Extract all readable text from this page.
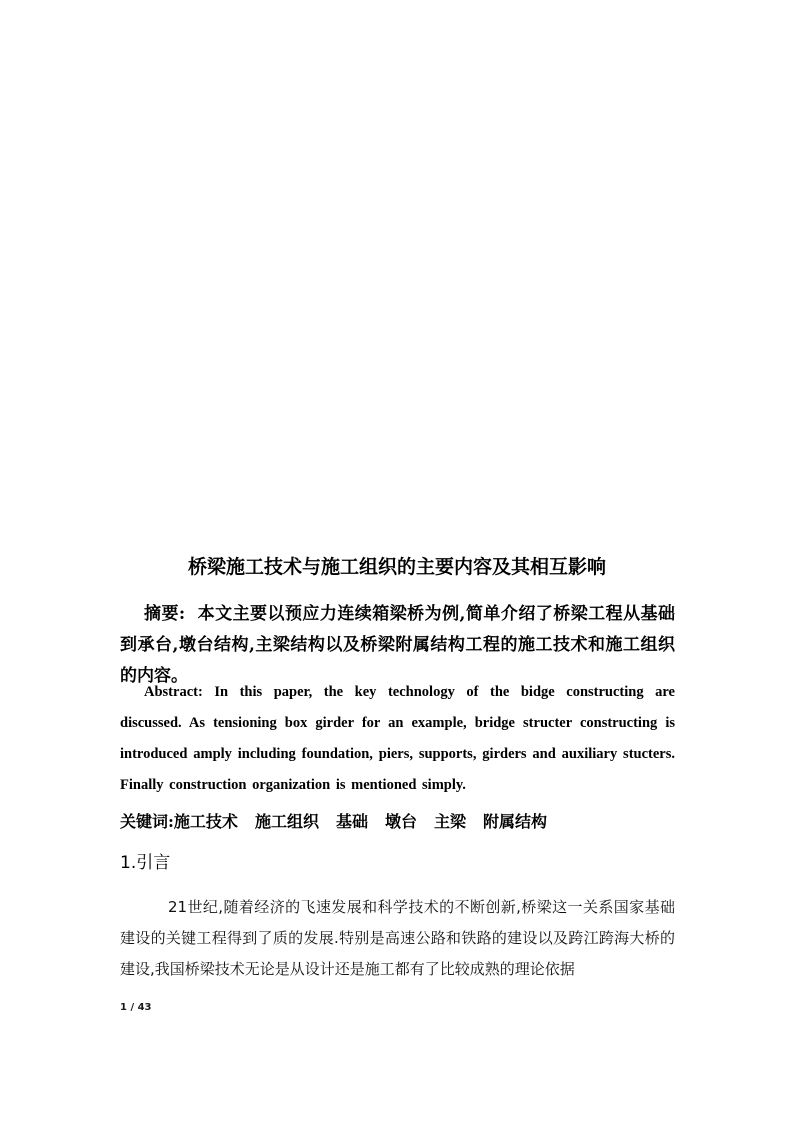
桥梁施工技术与施工组织的主要内容及其相互影响
摘要: 本文主要以预应力连续箱梁桥为例,简单介绍了桥梁工程从基础到承台,墩台结构,主梁结构以及桥梁附属结构工程的施工技术和施工组织的内容。
Abstract: In this paper, the key technology of the bidge constructing are discussed. As tensioning box girder for an example, bridge structer constructing is introduced amply including foundation, piers, supports, girders and auxiliary stucters. Finally construction organization is mentioned simply.
关键词:施工技术 施工组织 基础 墩台 主梁 附属结构
1.引言
21世纪,随着经济的飞速发展和科学技术的不断创新,桥梁这一关系国家基础建设的关键工程得到了质的发展.特别是高速公路和铁路的建设以及跨江跨海大桥的建设,我国桥梁技术无论是从设计还是施工都有了比较成熟的理论依据
1 / 43
